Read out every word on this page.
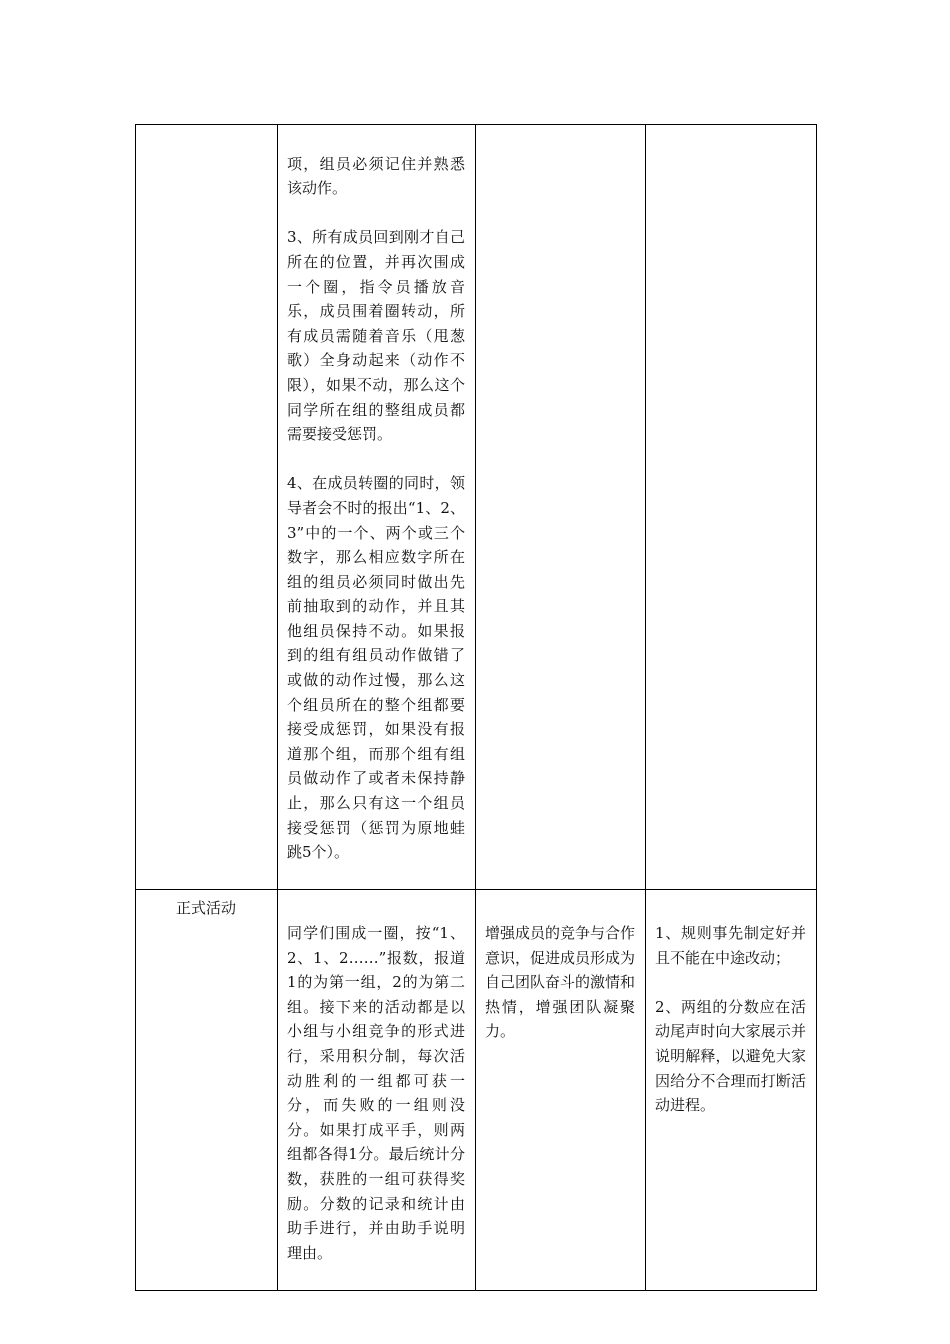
	项，组员必须记住并熟悉该动作。

3、所有成员回到刚才自己所在的位置，并再次围成一个圈，指令员播放音乐，成员围着圈转动，所有成员需随着音乐（甩葱歌）全身动起来（动作不限），如果不动，那么这个同学所在组的整组成员都需要接受惩罚。

4、在成员转圈的同时，领导者会不时的报出“1、2、3”中的一个、两个或三个数字，那么相应数字所在组的组员必须同时做出先前抽取到的动作，并且其他组员保持不动。如果报到的组有组员动作做错了或做的动作过慢，那么这个组员所在的整个组都要接受成惩罚，如果没有报道那个组，而那个组有组员做动作了或者未保持静止，那么只有这一个组员接受惩罚（惩罚为原地蛙跳5个）。		

正式活动	同学们围成一圈，按“1、2、1、2……”报数，报道1的为第一组，2的为第二组。接下来的活动都是以小组与小组竞争的形式进行，采用积分制，每次活动胜利的一组都可获一分，而失败的一组则没分。如果打成平手，则两组都各得1分。最后统计分数，获胜的一组可获得奖励。分数的记录和统计由助手进行，并由助手说明理由。	增强成员的竞争与合作意识，促进成员形成为自己团队奋斗的激情和热情，增强团队凝聚力。	1、规则事先制定好并且不能在中途改动；

2、两组的分数应在活动尾声时向大家展示并说明解释，以避免大家因给分不合理而打断活动进程。
